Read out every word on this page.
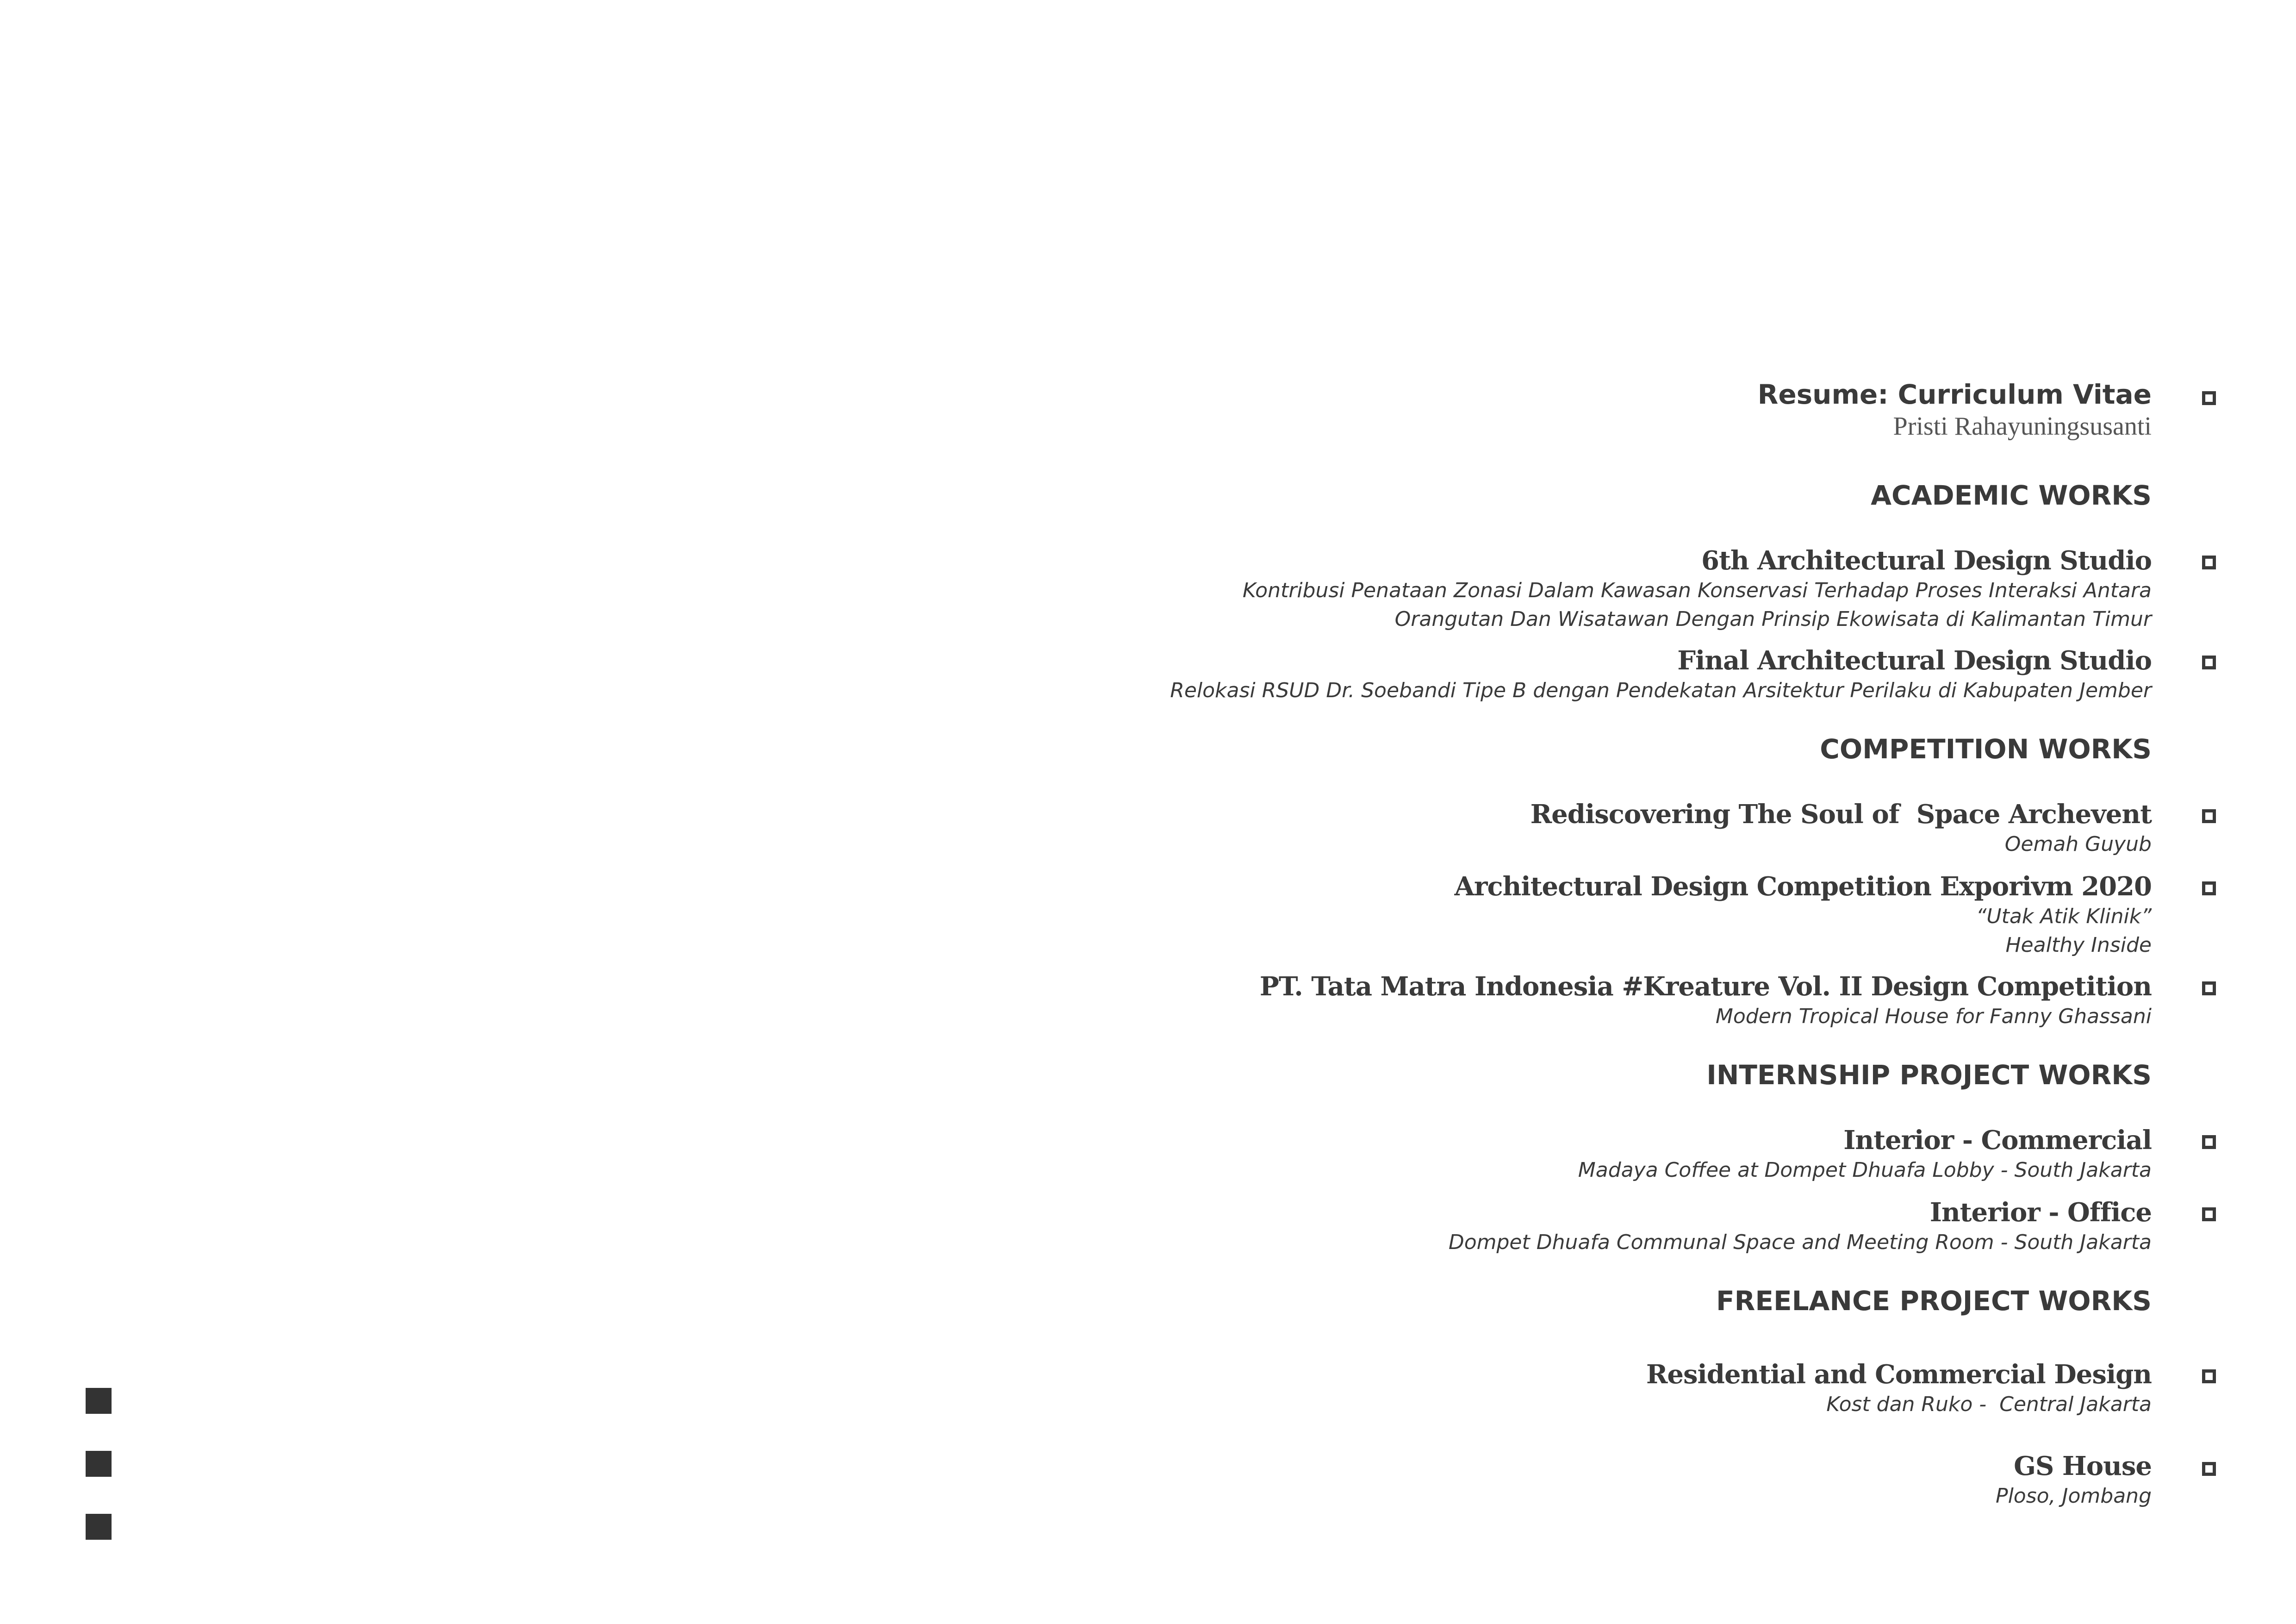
Resume: Curriculum Vitae
Pristi Rahayuningsusanti
ACADEMIC WORKS
6th Architectural Design Studio
Kontribusi Penataan Zonasi Dalam Kawasan Konservasi Terhadap Proses Interaksi Antara
Orangutan Dan Wisatawan Dengan Prinsip Ekowisata di Kalimantan Timur
Final Architectural Design Studio
Relokasi RSUD Dr. Soebandi Tipe B dengan Pendekatan Arsitektur Perilaku di Kabupaten Jember
COMPETITION WORKS
Rediscovering The Soul of  Space Archevent
Oemah Guyub
Architectural Design Competition Exporivm 2020
“Utak Atik Klinik”
Healthy Inside
PT. Tata Matra Indonesia #Kreature Vol. II Design Competition
Modern Tropical House for Fanny Ghassani
INTERNSHIP PROJECT WORKS
Interior - Commercial
Madaya Coffee at Dompet Dhuafa Lobby - South Jakarta
Interior - Office
Dompet Dhuafa Communal Space and Meeting Room - South Jakarta
FREELANCE PROJECT WORKS
Residential and Commercial Design
Kost dan Ruko -  Central Jakarta
GS House
Ploso, Jombang
